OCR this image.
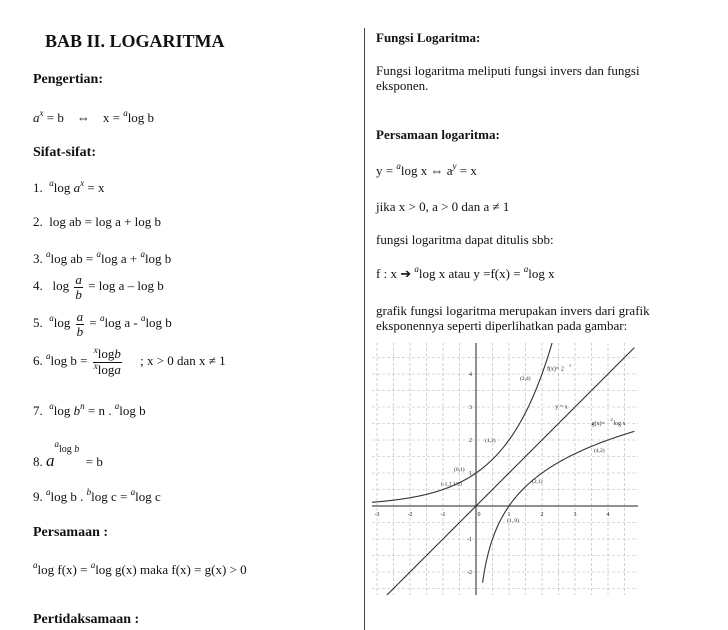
BAB II. LOGARITMA
Pengertian:
$a^x = b$ ⇔ x = $^a$log b
Sifat-sifat:
1. $^a$log $a^x = x$
2. log ab = log a + log b
3. $^a$log ab = $^a$log a + $^a$log b
4. $\log \frac{a}{b} = \log a - \log b$
5. $^a\log \frac{a}{b} = ^a\log$ a - $^a$log b
6. $^a$log $b = \frac{^x\log b}{^x\log a}$ ; x > 0 dan x ≠ 1
7. $^a$log $b^n = n$ . $^a$log b
8. $a^{alog b} = b$
9. $^a$log b . $^b$log c = $^a$log c
Persamaan :
$^a$log f(x) = $^a$log g(x) maka f(x) = g(x) > 0
Pertidaksamaan :
Fungsi Logaritma:
Fungsi logaritma meliputi fungsi invers dan fungsi eksponen.
Persamaan logaritma:
y = $^a$log x ⇔ $a^y = x$
jika x > 0, a > 0 dan a ≠ 1
fungsi logaritma dapat ditulis sbb:
f : x ➔ $^a$log x atau y =f(x) = $^a$log x
grafik fungsi logaritma merupakan invers dari grafik eksponennya seperti diperlihatkan pada gambar:
-3	-2	-1	0	1	2	3	4
4
3
2
1
-1
-2
f(x)= 2
x
y = x
g(x)=
2
log x
(2,4)
(1,2)
(0,1)
(-1,1 1/2)
(4,2)
(2,1)
(1, 0)
